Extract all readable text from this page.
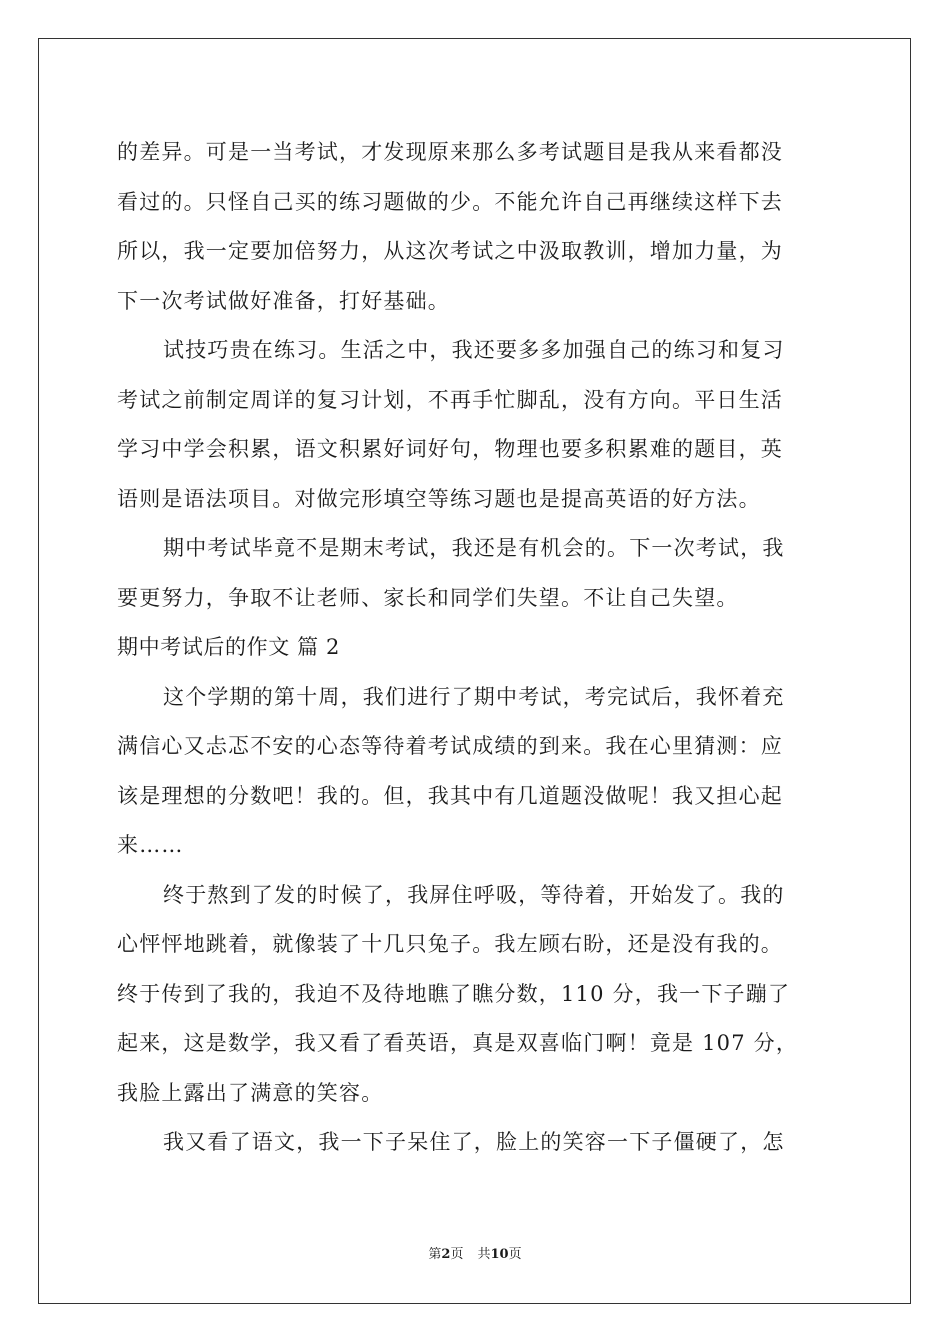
的差异。可是一当考试，才发现原来那么多考试题目是我从来看都没
看过的。只怪自己买的练习题做的少。不能允许自己再继续这样下去
所以，我一定要加倍努力，从这次考试之中汲取教训，增加力量，为
下一次考试做好准备，打好基础。
试技巧贵在练习。生活之中，我还要多多加强自己的练习和复习
考试之前制定周详的复习计划，不再手忙脚乱，没有方向。平日生活
学习中学会积累，语文积累好词好句，物理也要多积累难的题目，英
语则是语法项目。对做完形填空等练习题也是提高英语的好方法。
期中考试毕竟不是期末考试，我还是有机会的。下一次考试，我
要更努力，争取不让老师、家长和同学们失望。不让自己失望。
期中考试后的作文 篇 2
这个学期的第十周，我们进行了期中考试，考完试后，我怀着充
满信心又忐忑不安的心态等待着考试成绩的到来。我在心里猜测：应
该是理想的分数吧！我的。但，我其中有几道题没做呢！我又担心起
来……
终于熬到了发的时候了，我屏住呼吸，等待着，开始发了。我的
心怦怦地跳着，就像装了十几只兔子。我左顾右盼，还是没有我的。
终于传到了我的，我迫不及待地瞧了瞧分数，110 分，我一下子蹦了
起来，这是数学，我又看了看英语，真是双喜临门啊！竟是 107 分，
我脸上露出了满意的笑容。
我又看了语文，我一下子呆住了，脸上的笑容一下子僵硬了，怎
第2页 共10页
